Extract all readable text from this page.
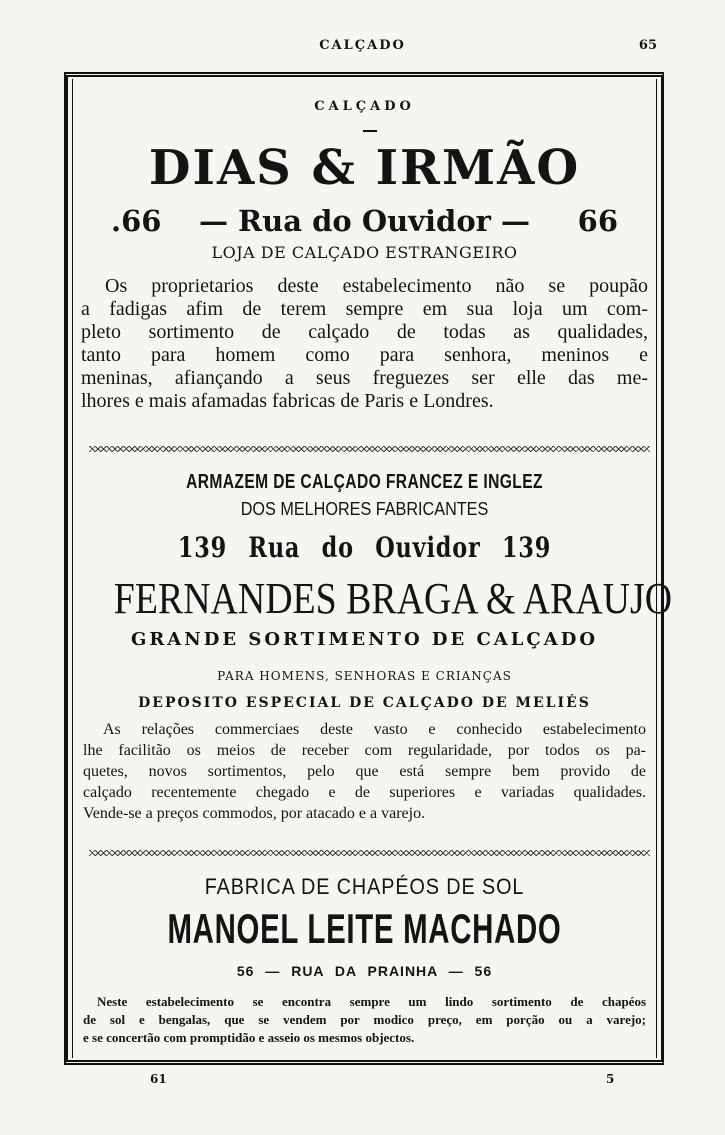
CALÇADO	65
CALÇADO
DIAS & IRMÃO
.66	— Rua do Ouvidor —	66
LOJA DE CALÇADO ESTRANGEIRO
Os proprietarios deste estabelecimento não se poupão
a fadigas afim de terem sempre em sua loja um com-
pleto sortimento de calçado de todas as qualidades,
tanto para homem como para senhora, meninos e
meninas, afiançando a seus freguezes ser elle das me-
lhores e mais afamadas fabricas de Paris e Londres.
ARMAZEM DE CALÇADO FRANCEZ E INGLEZ
DOS MELHORES FABRICANTES
139 Rua do Ouvidor 139
FERNANDES BRAGA & ARAUJO
GRANDE SORTIMENTO DE CALÇADO
PARA HOMENS, SENHORAS E CRIANÇAS
DEPOSITO ESPECIAL DE CALÇADO DE MELIÉS
As relações commerciaes deste vasto e conhecido estabelecimento
lhe facilitão os meios de receber com regularidade, por todos os pa-
quetes, novos sortimentos, pelo que está sempre bem provido de
calçado recentemente chegado e de superiores e variadas qualidades.
Vende-se a preços commodos, por atacado e a varejo.
FABRICA DE CHAPÉOS DE SOL
MANOEL LEITE MACHADO
56 — RUA DA PRAINHA — 56
Neste estabelecimento se encontra sempre um lindo sortimento de chapéos
de sol e bengalas, que se vendem por modico preço, em porção ou a varejo;
e se concertão com promptidão e asseio os mesmos objectos.
61	5
